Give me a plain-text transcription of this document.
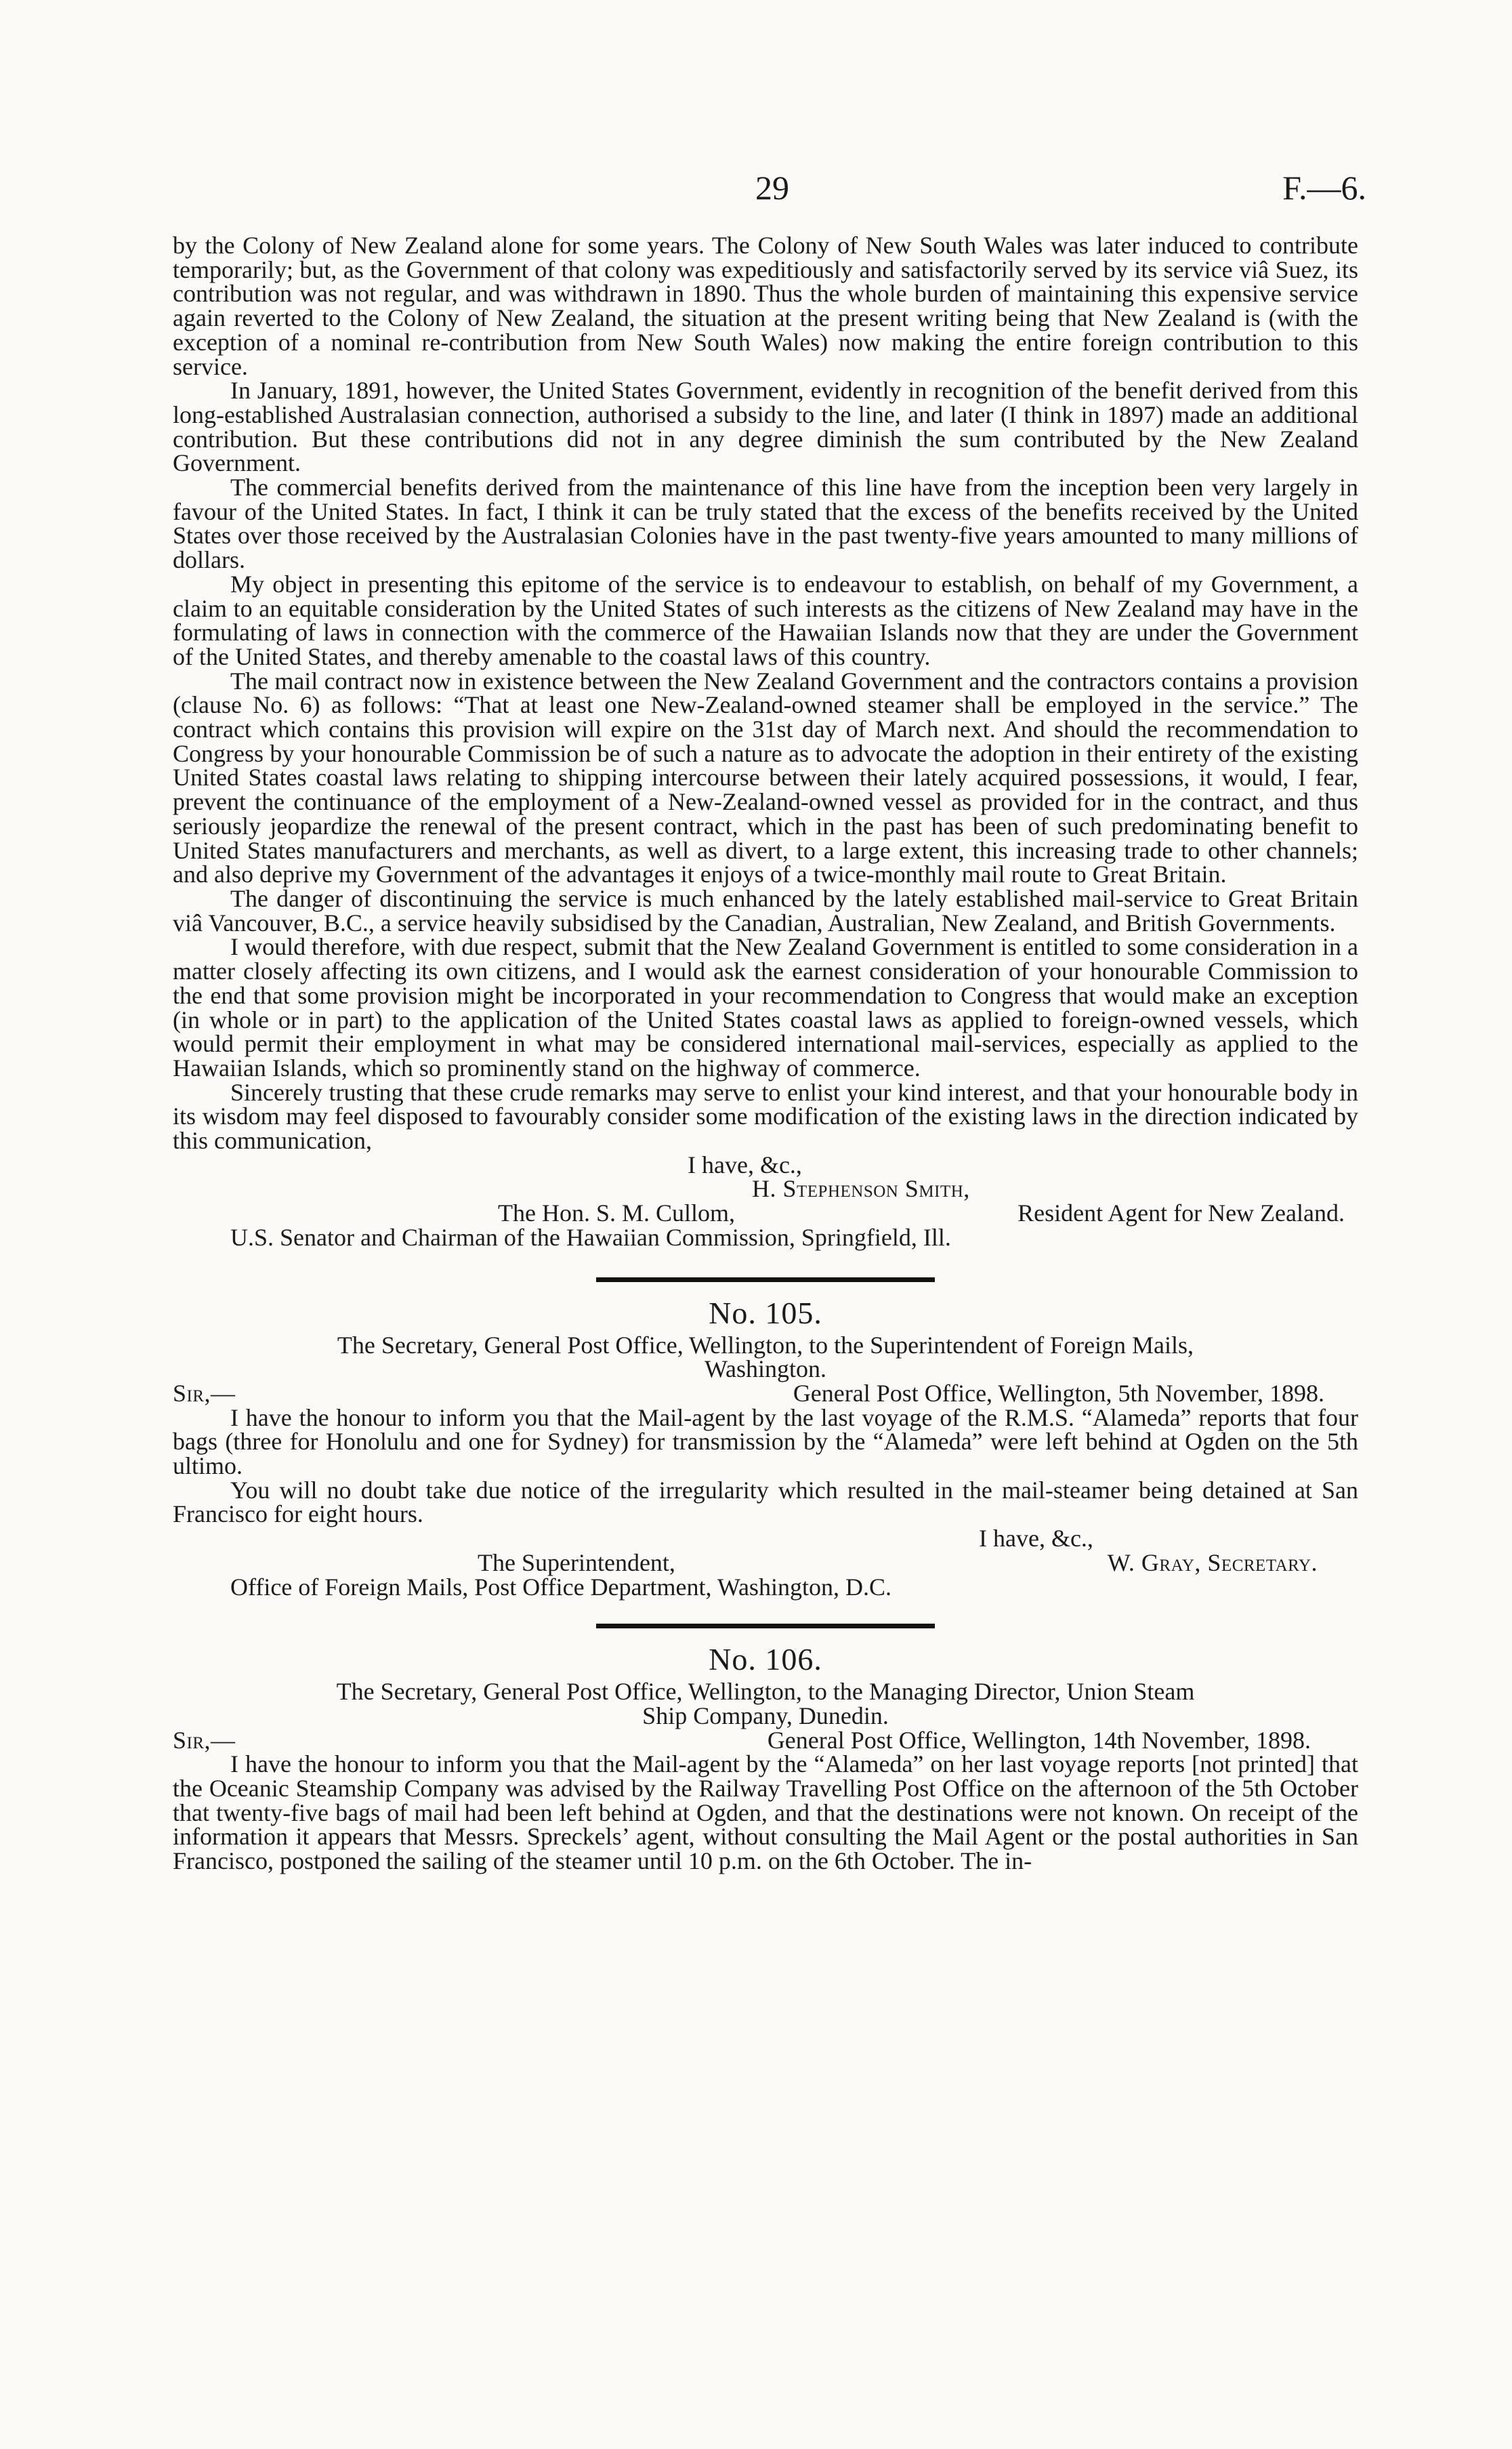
29	F.—6.

by the Colony of New Zealand alone for some years. The Colony of New South Wales was later induced to contribute temporarily; but, as the Government of that colony was expeditiously and satisfactorily served by its service viâ Suez, its contribution was not regular, and was withdrawn in 1890. Thus the whole burden of maintaining this expensive service again reverted to the Colony of New Zealand, the situation at the present writing being that New Zealand is (with the exception of a nominal re-contribution from New South Wales) now making the entire foreign contribution to this service.

In January, 1891, however, the United States Government, evidently in recognition of the benefit derived from this long-established Australasian connection, authorised a subsidy to the line, and later (I think in 1897) made an additional contribution. But these contributions did not in any degree diminish the sum contributed by the New Zealand Government.

The commercial benefits derived from the maintenance of this line have from the inception been very largely in favour of the United States. In fact, I think it can be truly stated that the excess of the benefits received by the United States over those received by the Australasian Colonies have in the past twenty-five years amounted to many millions of dollars.

My object in presenting this epitome of the service is to endeavour to establish, on behalf of my Government, a claim to an equitable consideration by the United States of such interests as the citizens of New Zealand may have in the formulating of laws in connection with the commerce of the Hawaiian Islands now that they are under the Government of the United States, and thereby amenable to the coastal laws of this country.

The mail contract now in existence between the New Zealand Government and the contractors contains a provision (clause No. 6) as follows: “That at least one New-Zealand-owned steamer shall be employed in the service.” The contract which contains this provision will expire on the 31st day of March next. And should the recommendation to Congress by your honourable Commission be of such a nature as to advocate the adoption in their entirety of the existing United States coastal laws relating to shipping intercourse between their lately acquired possessions, it would, I fear, prevent the continuance of the employment of a New-Zealand-owned vessel as provided for in the contract, and thus seriously jeopardize the renewal of the present contract, which in the past has been of such predominating benefit to United States manufacturers and merchants, as well as divert, to a large extent, this increasing trade to other channels; and also deprive my Government of the advantages it enjoys of a twice-monthly mail route to Great Britain.

The danger of discontinuing the service is much enhanced by the lately established mail-service to Great Britain viâ Vancouver, B.C., a service heavily subsidised by the Canadian, Australian, New Zealand, and British Governments.

I would therefore, with due respect, submit that the New Zealand Government is entitled to some consideration in a matter closely affecting its own citizens, and I would ask the earnest consideration of your honourable Commission to the end that some provision might be incorporated in your recommendation to Congress that would make an exception (in whole or in part) to the application of the United States coastal laws as applied to foreign-owned vessels, which would permit their employment in what may be considered international mail-services, especially as applied to the Hawaiian Islands, which so prominently stand on the highway of commerce.

Sincerely trusting that these crude remarks may serve to enlist your kind interest, and that your honourable body in its wisdom may feel disposed to favourably consider some modification of the existing laws in the direction indicated by this communication,

I have, &c.,
H. Stephenson Smith,
The Hon. S. M. Cullom,	Resident Agent for New Zealand.
U.S. Senator and Chairman of the Hawaiian Commission, Springfield, Ill.
No. 105.
The Secretary, General Post Office, Wellington, to the Superintendent of Foreign Mails,
Washington.
Sir,—	General Post Office, Wellington, 5th November, 1898.

I have the honour to inform you that the Mail-agent by the last voyage of the R.M.S. “Alameda” reports that four bags (three for Honolulu and one for Sydney) for transmission by the “Alameda” were left behind at Ogden on the 5th ultimo.

You will no doubt take due notice of the irregularity which resulted in the mail-steamer being detained at San Francisco for eight hours.

I have, &c.,
The Superintendent,	W. Gray, Secretary.
Office of Foreign Mails, Post Office Department, Washington, D.C.
No. 106.
The Secretary, General Post Office, Wellington, to the Managing Director, Union Steam
Ship Company, Dunedin.
Sir,—	General Post Office, Wellington, 14th November, 1898.

I have the honour to inform you that the Mail-agent by the “Alameda” on her last voyage reports [not printed] that the Oceanic Steamship Company was advised by the Railway Travelling Post Office on the afternoon of the 5th October that twenty-five bags of mail had been left behind at Ogden, and that the destinations were not known. On receipt of the information it appears that Messrs. Spreckels’ agent, without consulting the Mail Agent or the postal authorities in San Francisco, postponed the sailing of the steamer until 10 p.m. on the 6th October. The in-
